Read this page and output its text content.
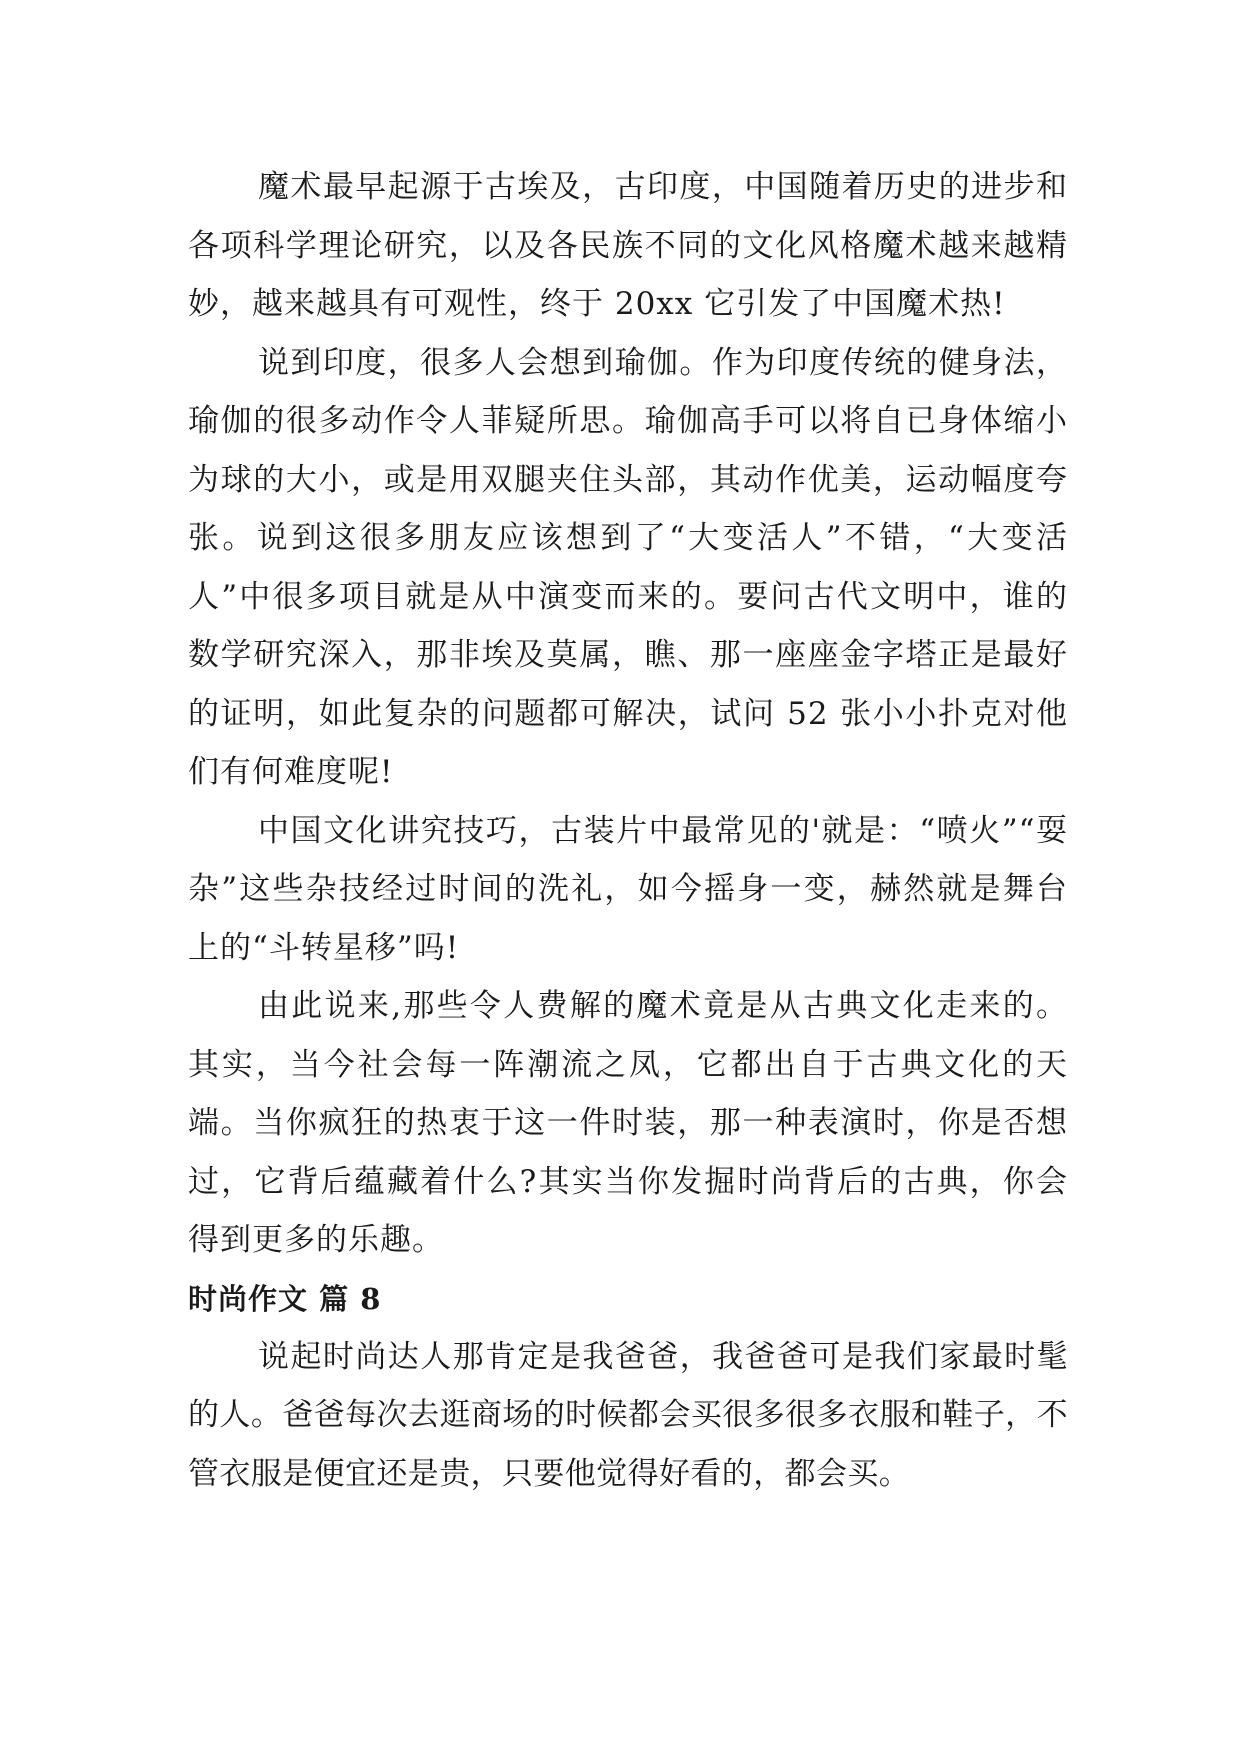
魔术最早起源于古埃及，古印度，中国随着历史的进步和各项科学理论研究，以及各民族不同的文化风格魔术越来越精妙，越来越具有可观性，终于 20xx 它引发了中国魔术热!

说到印度，很多人会想到瑜伽。作为印度传统的健身法，瑜伽的很多动作令人菲疑所思。瑜伽高手可以将自已身体缩小为球的大小，或是用双腿夹住头部，其动作优美，运动幅度夸张。说到这很多朋友应该想到了“大变活人”不错，“大变活人”中很多项目就是从中演变而来的。要问古代文明中，谁的数学研究深入，那非埃及莫属，瞧、那一座座金字塔正是最好的证明，如此复杂的问题都可解决，试问 52 张小小扑克对他们有何难度呢!

中国文化讲究技巧，古装片中最常见的'就是：“喷火”“耍杂”这些杂技经过时间的洗礼，如今摇身一变，赫然就是舞台上的“斗转星移”吗!

由此说来,那些令人费解的魔术竟是从古典文化走来的。其实，当今社会每一阵潮流之凤，它都出自于古典文化的天端。当你疯狂的热衷于这一件时装，那一种表演时，你是否想过，它背后蕴藏着什么?其实当你发掘时尚背后的古典，你会得到更多的乐趣。

时尚作文 篇 8

说起时尚达人那肯定是我爸爸，我爸爸可是我们家最时髦的人。爸爸每次去逛商场的时候都会买很多很多衣服和鞋子，不管衣服是便宜还是贵，只要他觉得好看的，都会买。
